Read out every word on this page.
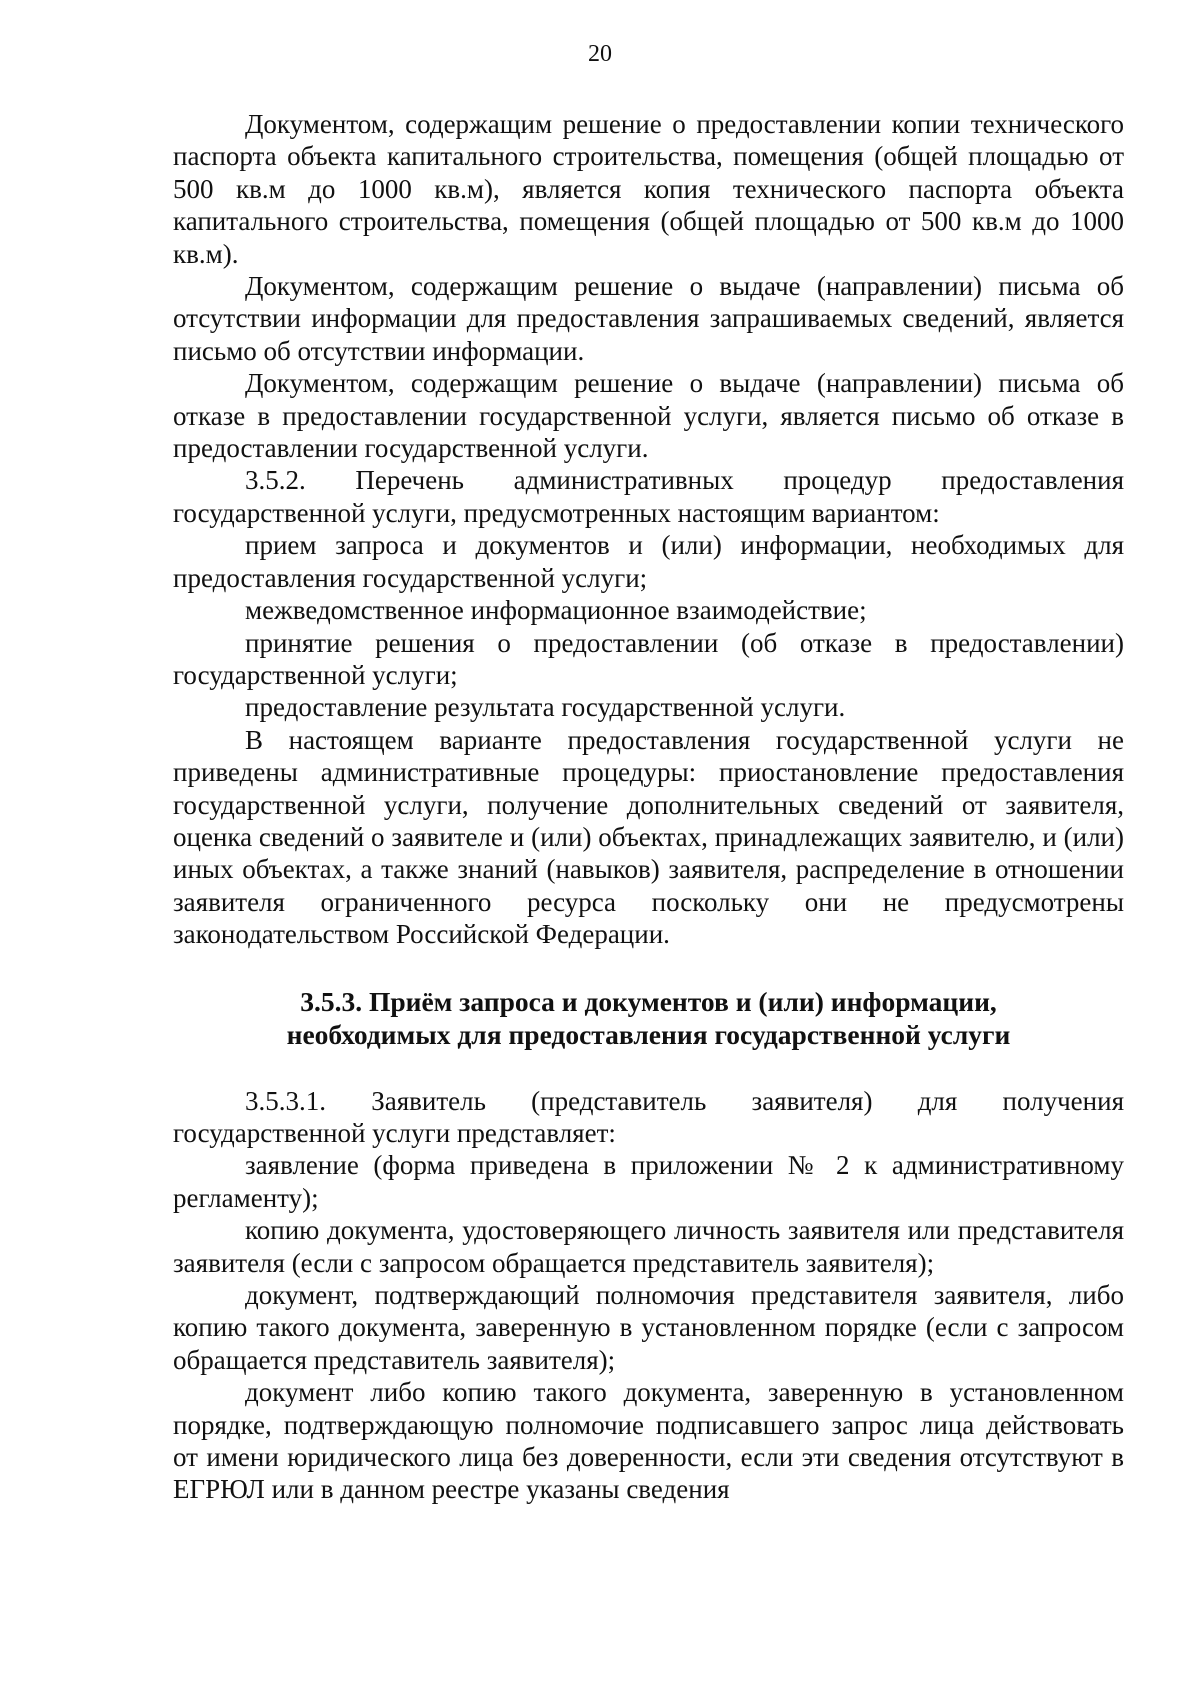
20

Документом, содержащим решение о предоставлении копии технического паспорта объекта капитального строительства, помещения (общей площадью от 500 кв.м до 1000 кв.м), является копия технического паспорта объекта капитального строительства, помещения (общей площадью от 500 кв.м до 1000 кв.м).

Документом, содержащим решение о выдаче (направлении) письма об отсутствии информации для предоставления запрашиваемых сведений, является письмо об отсутствии информации.

Документом, содержащим решение о выдаче (направлении) письма об отказе в предоставлении государственной услуги, является письмо об отказе в предоставлении государственной услуги.

3.5.2. Перечень административных процедур предоставления государственной услуги, предусмотренных настоящим вариантом:

прием запроса и документов и (или) информации, необходимых для предоставления государственной услуги;

межведомственное информационное взаимодействие;

принятие решения о предоставлении (об отказе в предоставлении) государственной услуги;

предоставление результата государственной услуги.

В настоящем варианте предоставления государственной услуги не приведены административные процедуры: приостановление предоставления государственной услуги, получение дополнительных сведений от заявителя, оценка сведений о заявителе и (или) объектах, принадлежащих заявителю, и (или) иных объектах, а также знаний (навыков) заявителя, распределение в отношении заявителя ограниченного ресурса поскольку они не предусмотрены законодательством Российской Федерации.

3.5.3. Приём запроса и документов и (или) информации,
необходимых для предоставления государственной услуги

3.5.3.1. Заявитель (представитель заявителя) для получения государственной услуги представляет:

заявление (форма приведена в приложении № 2 к административному регламенту);

копию документа, удостоверяющего личность заявителя или представителя заявителя (если с запросом обращается представитель заявителя);

документ, подтверждающий полномочия представителя заявителя, либо копию такого документа, заверенную в установленном порядке (если с запросом обращается представитель заявителя);

документ либо копию такого документа, заверенную в установленном порядке, подтверждающую полномочие подписавшего запрос лица действовать от имени юридического лица без доверенности, если эти сведения отсутствуют в ЕГРЮЛ или в данном реестре указаны сведения
